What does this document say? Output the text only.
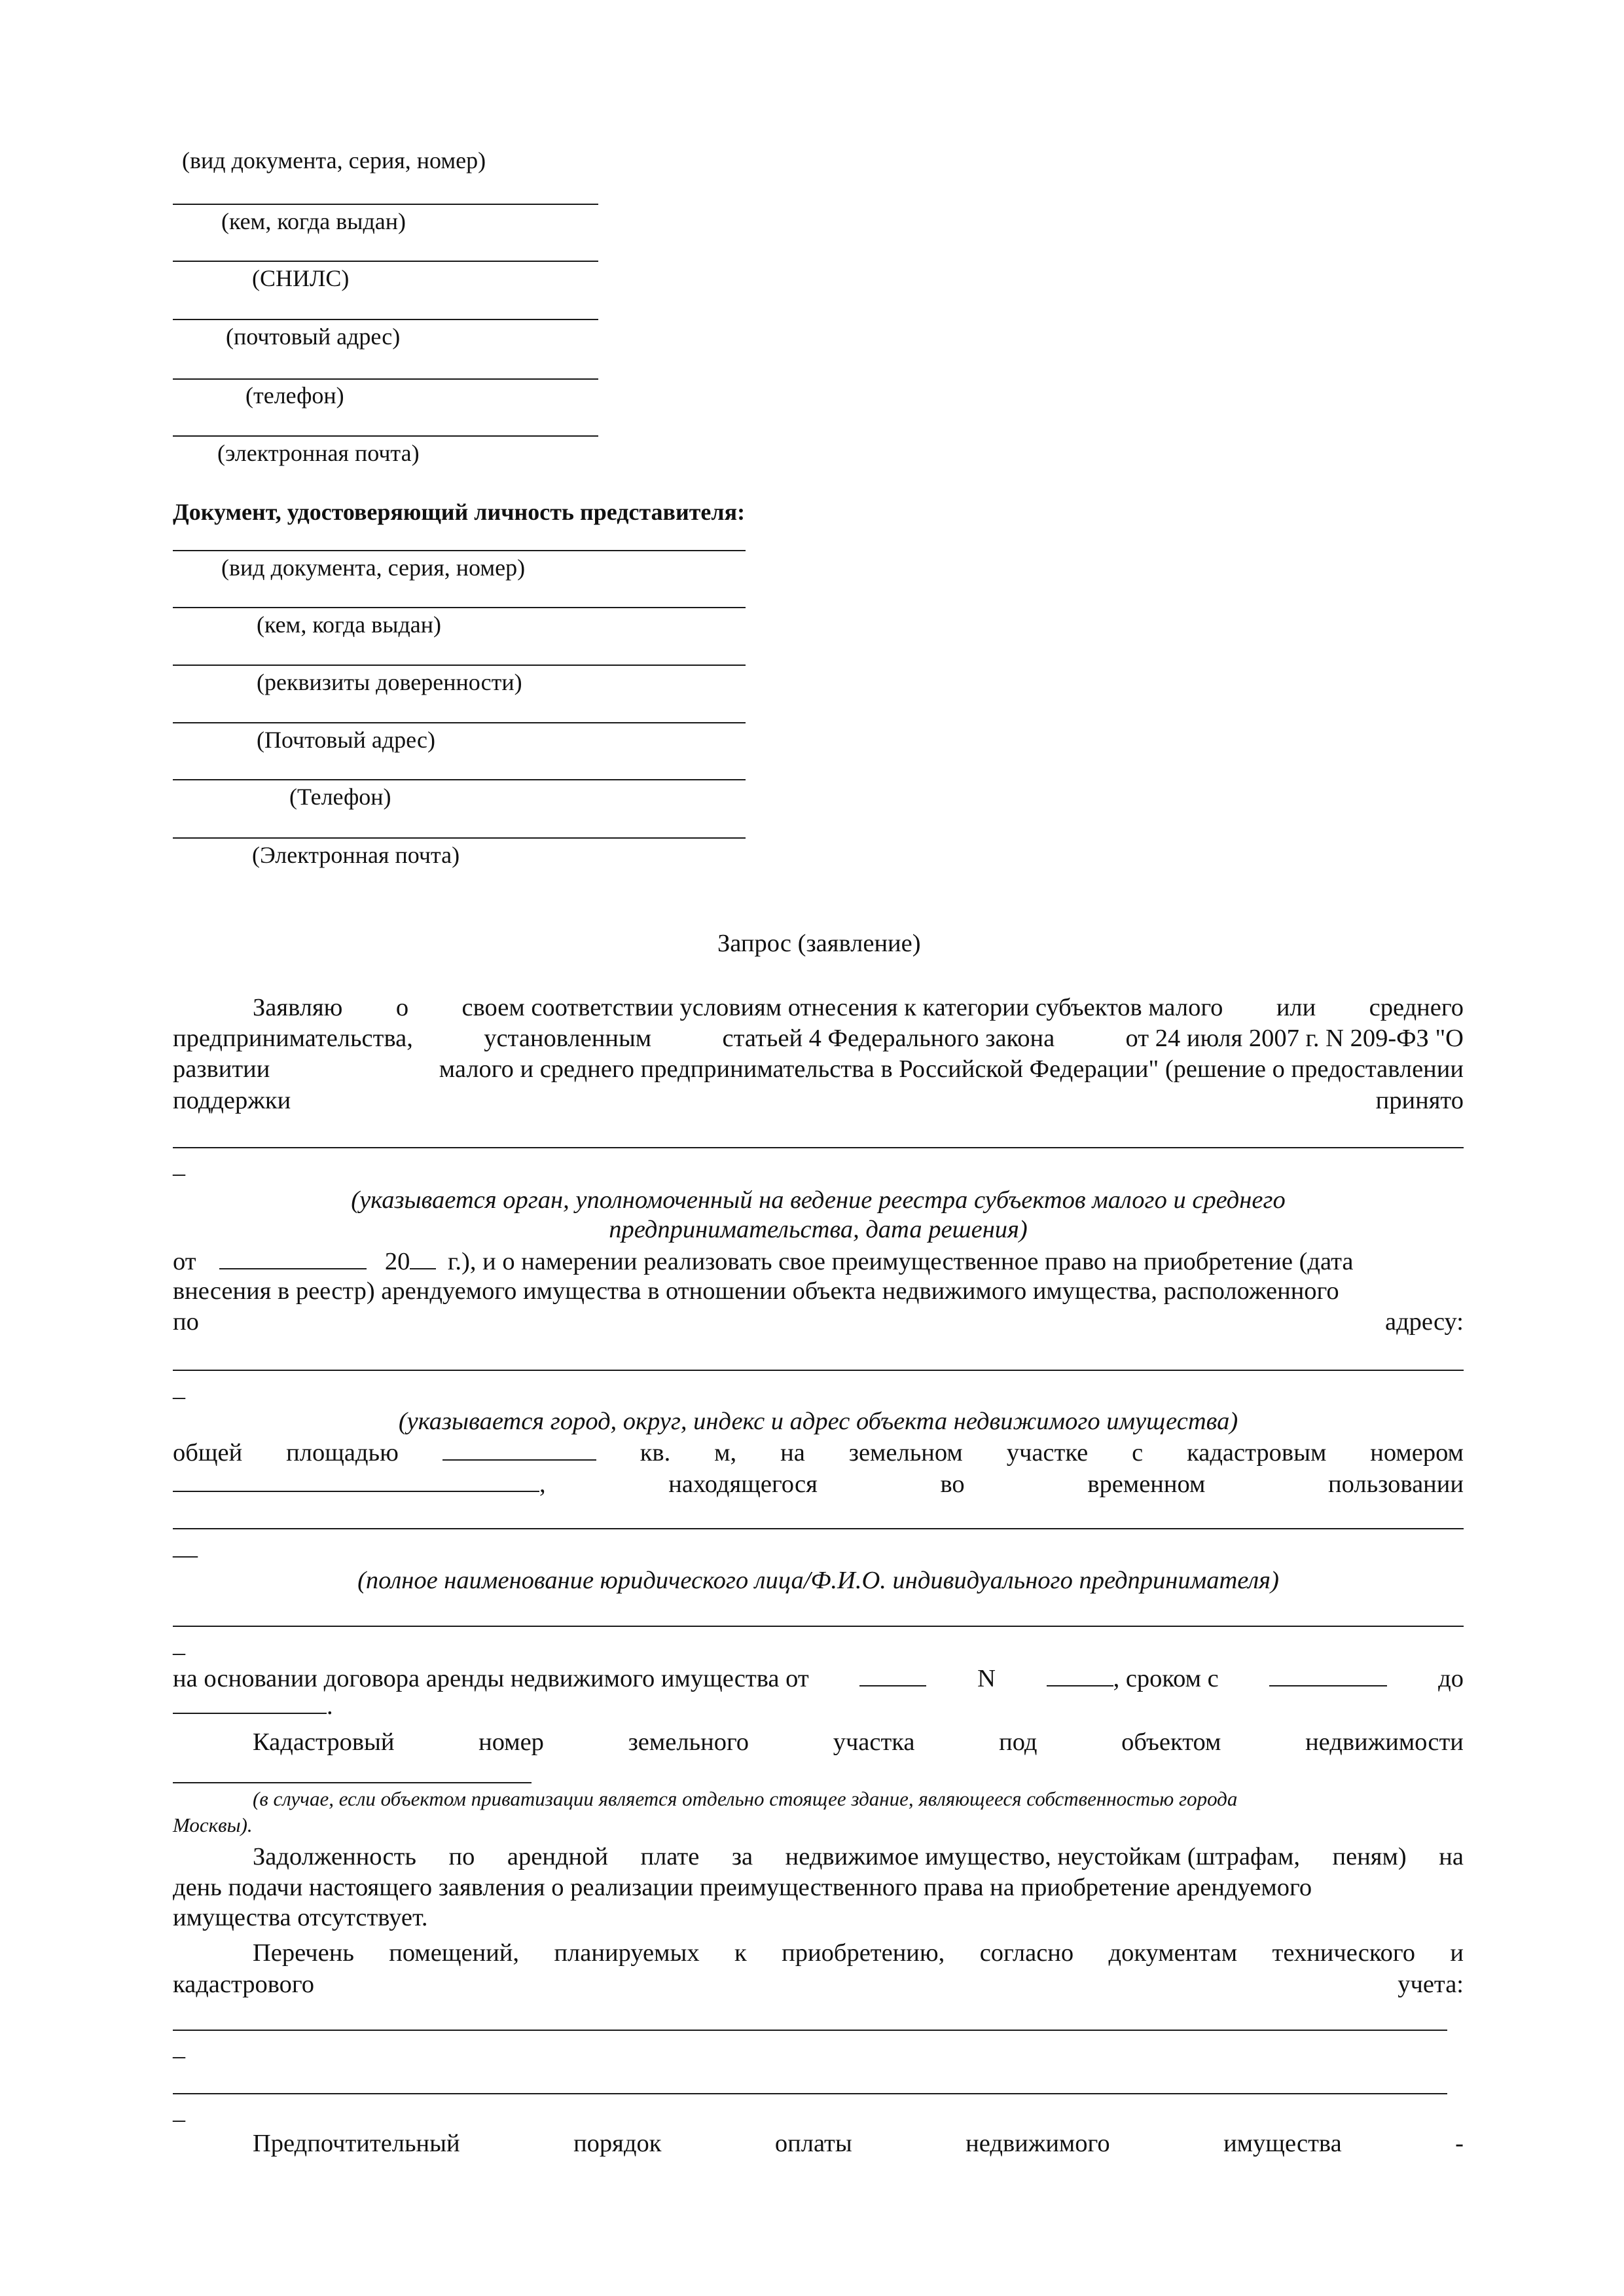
(вид документа, серия, номер)
(кем, когда выдан)
(СНИЛС)
(почтовый адрес)
(телефон)
(электронная почта)
Документ, удостоверяющий личность представителя:
(вид документа, серия, номер)
(кем, когда выдан)
(реквизиты доверенности)
(Почтовый адрес)
(Телефон)
(Электронная почта)
Запрос (заявление)
Заявляю о своем соответствии условиям отнесения к категории субъектов малого или среднего
предпринимательства,	установленным	статьей 4 Федерального закона	от 24 июля 2007 г. N 209-ФЗ "О
развитии	малого и среднего предпринимательства в Российской Федерации" (решение о предоставлении
поддержки	принято
–
(указывается орган, уполномоченный на ведение реестра субъектов малого и среднего
предпринимательства, дата решения)
от	20 г.), и о намерении реализовать свое преимущественное право на приобретение (дата
внесения в реестр) арендуемого имущества в отношении объекта недвижимого имущества, расположенного
по	адресу:
–
(указывается город, округ, индекс и адрес объекта недвижимого имущества)
общей площадью	кв. м, на земельном участке с кадастровым номером
,	находящегося	во	временном	пользовании
—
(полное наименование юридического лица/Ф.И.О. индивидуального предпринимателя)
–
на основании договора аренды недвижимого имущества от	N	, сроком с	до
.
Кадастровый	номер	земельного	участка	под	объектом	недвижимости
(в случае, если объектом приватизации является отдельно стоящее здание, являющееся собственностью города
Москвы).
Задолженность по арендной плате за недвижимое имущество, неустойкам (штрафам, пеням) на
день подачи настоящего заявления о реализации преимущественного права на приобретение арендуемого
имущества отсутствует.
Перечень помещений, планируемых к приобретению, согласно документам технического и
кадастрового	учета:
–
–
Предпочтительный	порядок	оплаты	недвижимого	имущества	-
